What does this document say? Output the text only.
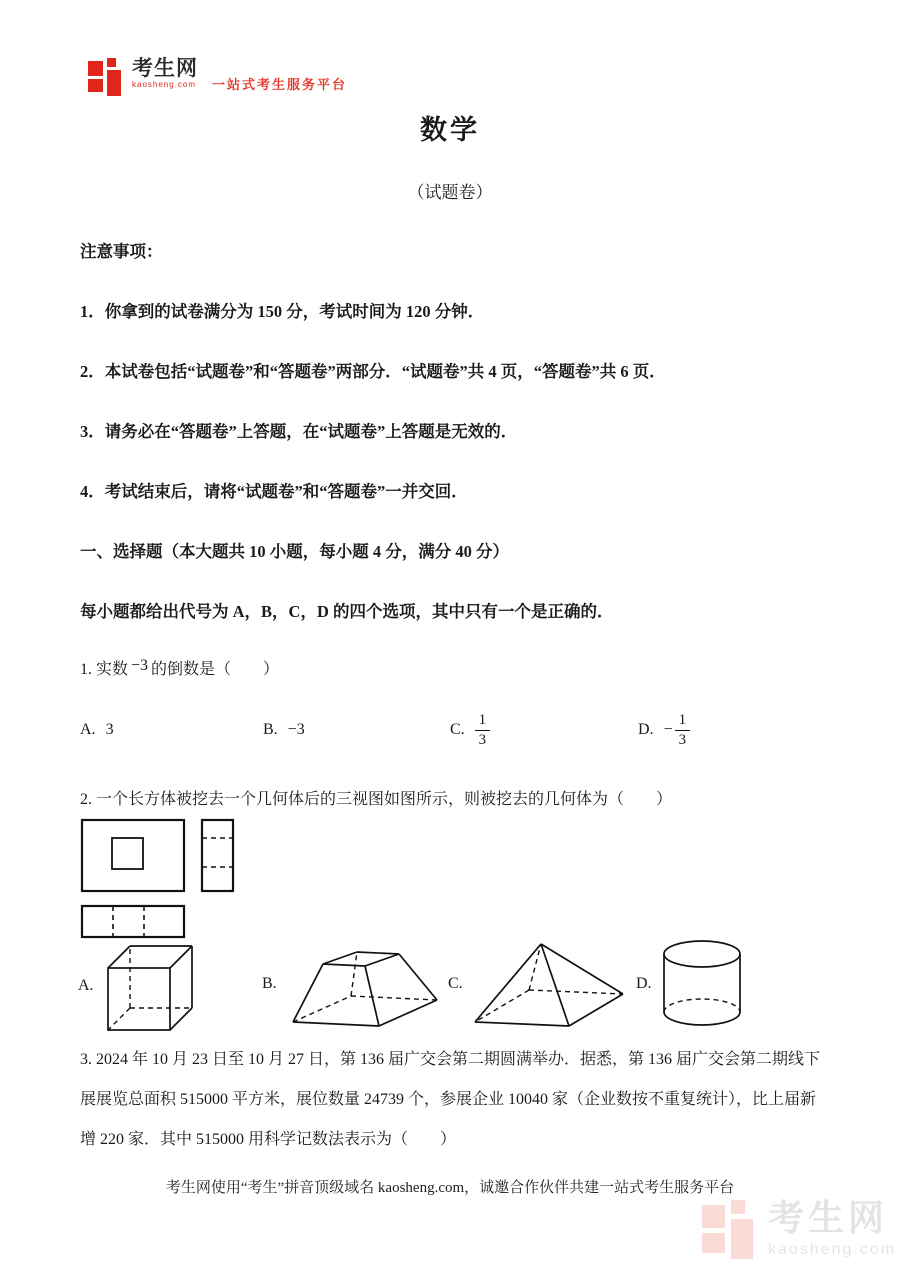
考生网
kaosheng.com 一站式考生服务平台
数学
（试题卷）
注意事项：
1．你拿到的试卷满分为 150 分，考试时间为 120 分钟．
2．本试卷包括“试题卷”和“答题卷”两部分．“试题卷”共 4 页，“答题卷”共 6 页．
3．请务必在“答题卷”上答题，在“试题卷”上答题是无效的．
4．考试结束后，请将“试题卷”和“答题卷”一并交回．
一、选择题（本大题共 10 小题，每小题 4 分，满分 40 分）
每小题都给出代号为 A，B，C，D 的四个选项，其中只有一个是正确的．
1. 实数 −3 的倒数是（　　）
A. 3	B. −3	C. $\frac{1}{3}$	D. − $\frac{1}{3}$
2. 一个长方体被挖去一个几何体后的三视图如图所示，则被挖去的几何体为（　　）
A.	B.	C.	D.
3. 2024 年 10 月 23 日至 10 月 27 日，第 136 届广交会第二期圆满举办．据悉，第 136 届广交会第二期线下
展展览总面积 515000 平方米，展位数量 24739 个，参展企业 10040 家（企业数按不重复统计），比上届新
增 220 家．其中 515000 用科学记数法表示为（　　）
考生网使用“考生”拼音顶级域名 kaosheng.com，诚邀合作伙伴共建一站式考生服务平台
考生网
kaosheng.com
